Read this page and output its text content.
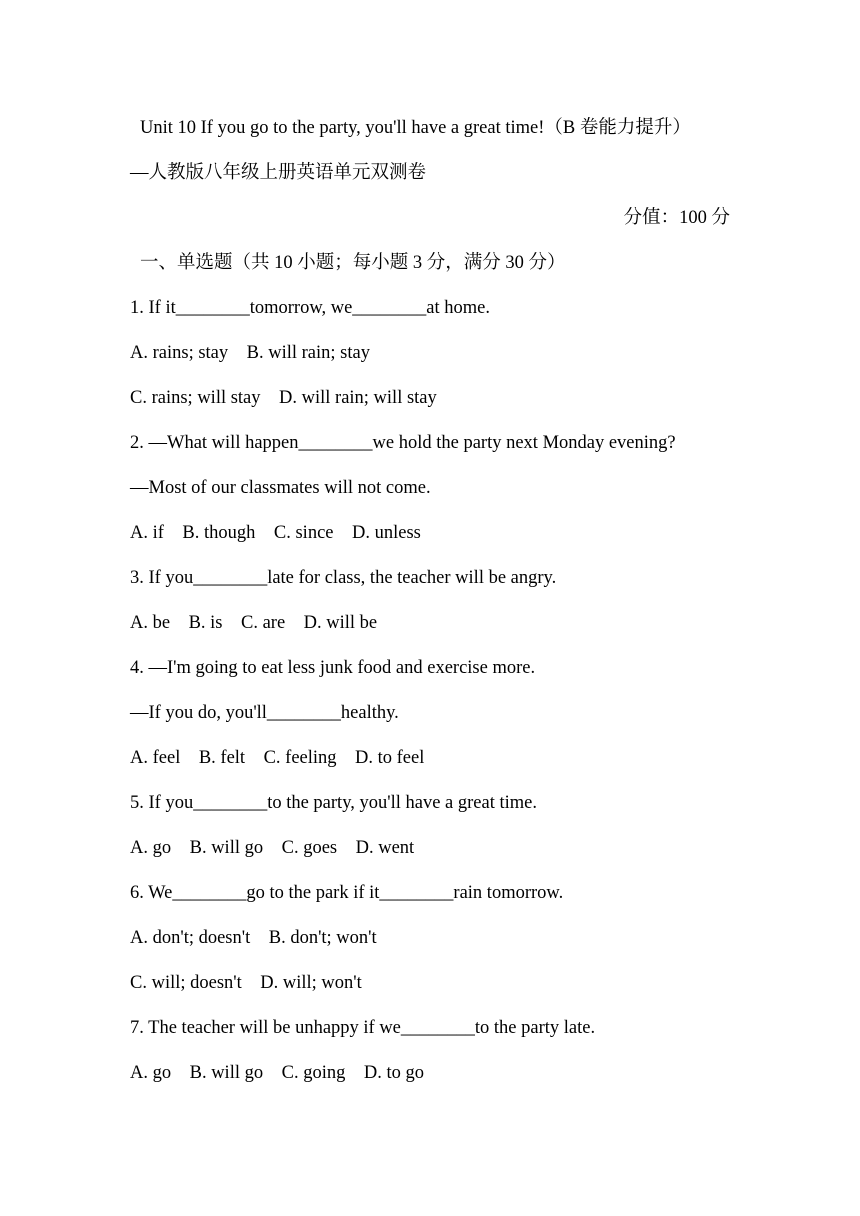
Unit 10 If you go to the party, you'll have a great time!（B 卷能力提升）
—人教版八年级上册英语单元双测卷
分值：100 分
一、单选题（共 10 小题；每小题 3 分，满分 30 分）
1. If it________tomorrow, we________at home.
A. rains; stay    B. will rain; stay
C. rains; will stay    D. will rain; will stay
2. —What will happen________we hold the party next Monday evening?
—Most of our classmates will not come.
A. if    B. though    C. since    D. unless
3. If you________late for class, the teacher will be angry.
A. be    B. is    C. are    D. will be
4. —I'm going to eat less junk food and exercise more.
—If you do, you'll________healthy.
A. feel    B. felt    C. feeling    D. to feel
5. If you________to the party, you'll have a great time.
A. go    B. will go    C. goes    D. went
6. We________go to the park if it________rain tomorrow.
A. don't; doesn't    B. don't; won't
C. will; doesn't    D. will; won't
7. The teacher will be unhappy if we________to the party late.
A. go    B. will go    C. going    D. to go
